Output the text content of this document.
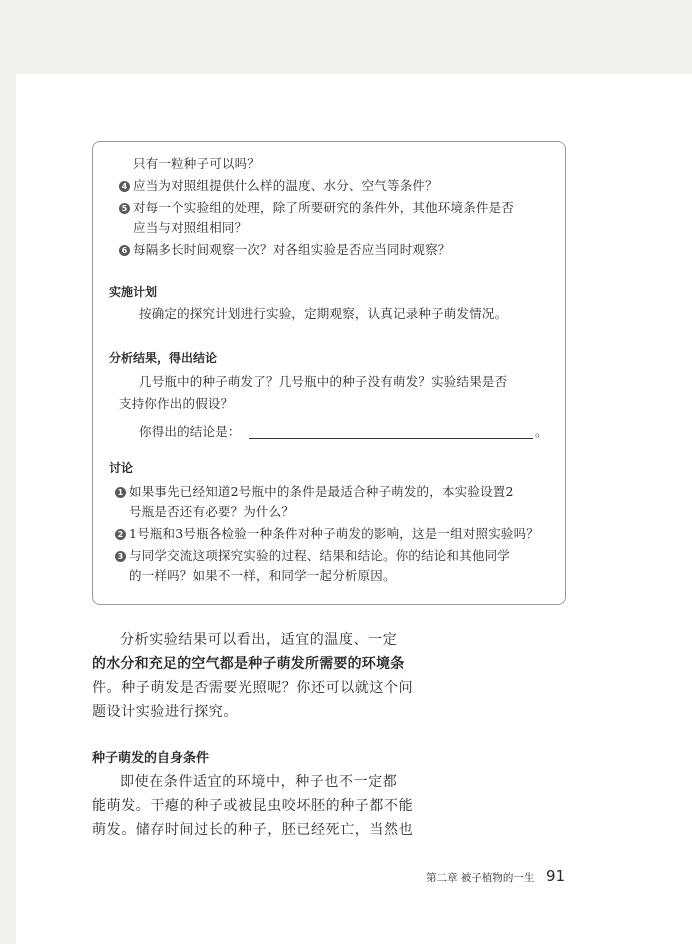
只有一粒种子可以吗？
4 应当为对照组提供什么样的温度、水分、空气等条件？
5 对每一个实验组的处理，除了所要研究的条件外，其他环境条件是否
应当与对照组相同？
6 每隔多长时间观察一次？对各组实验是否应当同时观察？
实施计划
按确定的探究计划进行实验，定期观察，认真记录种子萌发情况。
分析结果，得出结论
几号瓶中的种子萌发了？几号瓶中的种子没有萌发？实验结果是否
支持你作出的假设？
你得出的结论是：	。
讨论
1 如果事先已经知道2号瓶中的条件是最适合种子萌发的，本实验设置2
号瓶是否还有必要？为什么？
2 1号瓶和3号瓶各检验一种条件对种子萌发的影响，这是一组对照实验吗？
3 与同学交流这项探究实验的过程、结果和结论。你的结论和其他同学
的一样吗？如果不一样，和同学一起分析原因。
分析实验结果可以看出，适宜的温度、一定
的水分和充足的空气都是种子萌发所需要的环境条
件。种子萌发是否需要光照呢？你还可以就这个问
题设计实验进行探究。
种子萌发的自身条件
即使在条件适宜的环境中，种子也不一定都
能萌发。干瘪的种子或被昆虫咬坏胚的种子都不能
萌发。储存时间过长的种子，胚已经死亡，当然也
第二章 被子植物的一生 91
